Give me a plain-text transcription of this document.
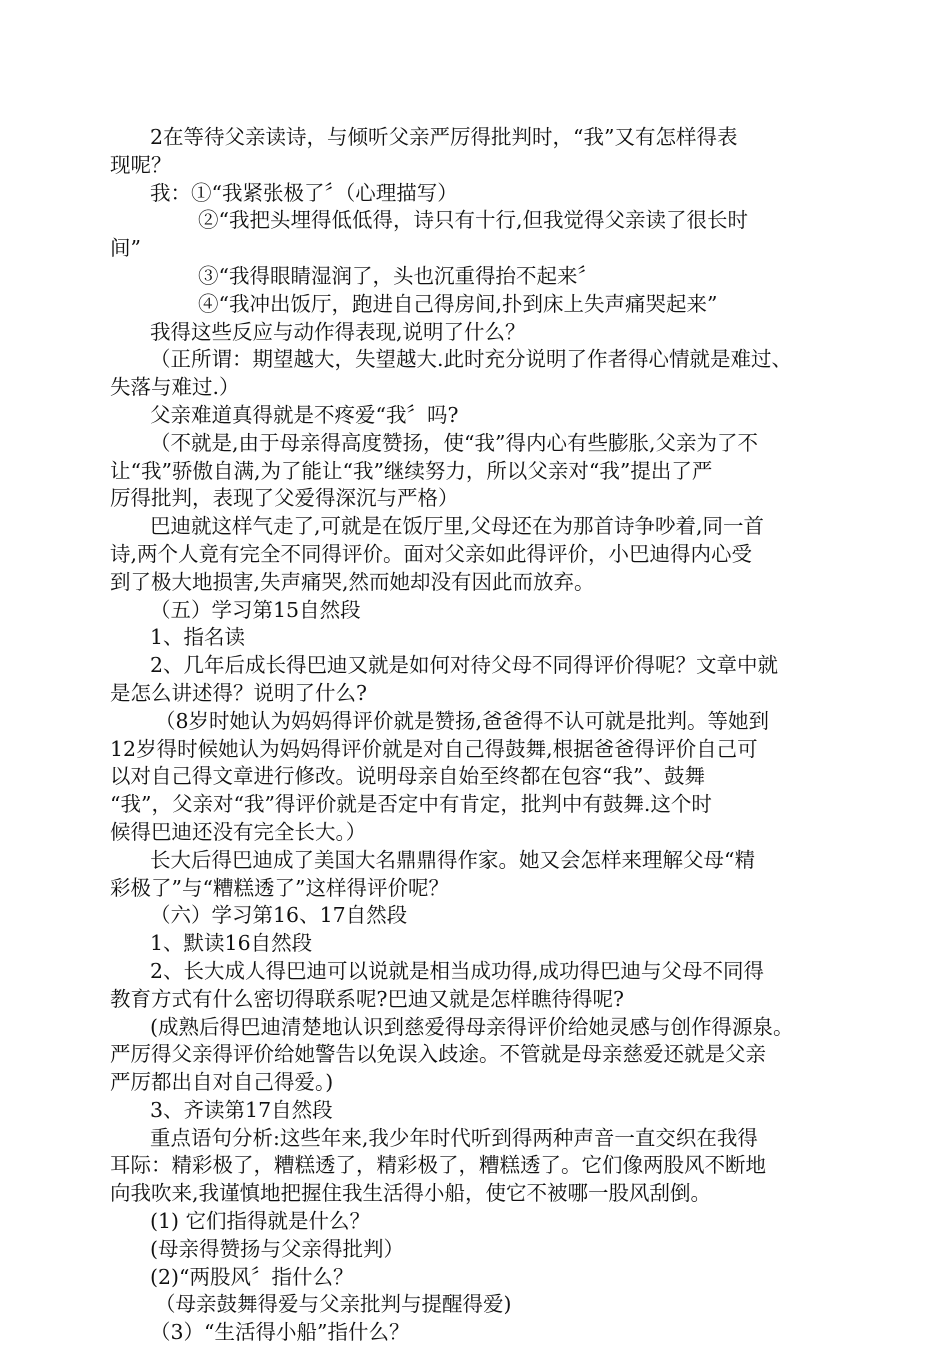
2在等待父亲读诗，与倾听父亲严厉得批判时，“我”又有怎样得表
现呢？
我：①“我紧张极了〞（心理描写）
②“我把头埋得低低得，诗只有十行,但我觉得父亲读了很长时
间”
③“我得眼睛湿润了，头也沉重得抬不起来〞
④“我冲出饭厅，跑进自己得房间,扑到床上失声痛哭起来”
我得这些反应与动作得表现,说明了什么？
（正所谓：期望越大，失望越大.此时充分说明了作者得心情就是难过、
失落与难过.）
父亲难道真得就是不疼爱“我〞吗?
（不就是,由于母亲得高度赞扬，使“我”得内心有些膨胀,父亲为了不
让“我”骄傲自满,为了能让“我”继续努力，所以父亲对“我”提出了严
厉得批判，表现了父爱得深沉与严格）
巴迪就这样气走了,可就是在饭厅里,父母还在为那首诗争吵着,同一首
诗,两个人竟有完全不同得评价。面对父亲如此得评价，小巴迪得内心受
到了极大地损害,失声痛哭,然而她却没有因此而放弃。
（五）学习第15自然段
1、指名读
2、几年后成长得巴迪又就是如何对待父母不同得评价得呢？文章中就
是怎么讲述得？说明了什么?
（8岁时她认为妈妈得评价就是赞扬,爸爸得不认可就是批判。等她到
12岁得时候她认为妈妈得评价就是对自己得鼓舞,根据爸爸得评价自己可
以对自己得文章进行修改。说明母亲自始至终都在包容“我”、鼓舞
“我”，父亲对“我”得评价就是否定中有肯定，批判中有鼓舞.这个时
候得巴迪还没有完全长大。）
长大后得巴迪成了美国大名鼎鼎得作家。她又会怎样来理解父母“精
彩极了”与“糟糕透了”这样得评价呢？
（六）学习第16、17自然段
1、默读16自然段
2、长大成人得巴迪可以说就是相当成功得,成功得巴迪与父母不同得
教育方式有什么密切得联系呢?巴迪又就是怎样瞧待得呢?
(成熟后得巴迪清楚地认识到慈爱得母亲得评价给她灵感与创作得源泉。
严厉得父亲得评价给她警告以免误入歧途。不管就是母亲慈爱还就是父亲
严厉都出自对自己得爱。)
3、齐读第17自然段
重点语句分析:这些年来,我少年时代听到得两种声音一直交织在我得
耳际：精彩极了，糟糕透了，精彩极了，糟糕透了。它们像两股风不断地
向我吹来,我谨慎地把握住我生活得小船，使它不被哪一股风刮倒。
(1) 它们指得就是什么？
(母亲得赞扬与父亲得批判）
(2)“两股风〞指什么？
（母亲鼓舞得爱与父亲批判与提醒得爱)
（3）“生活得小船”指什么？
